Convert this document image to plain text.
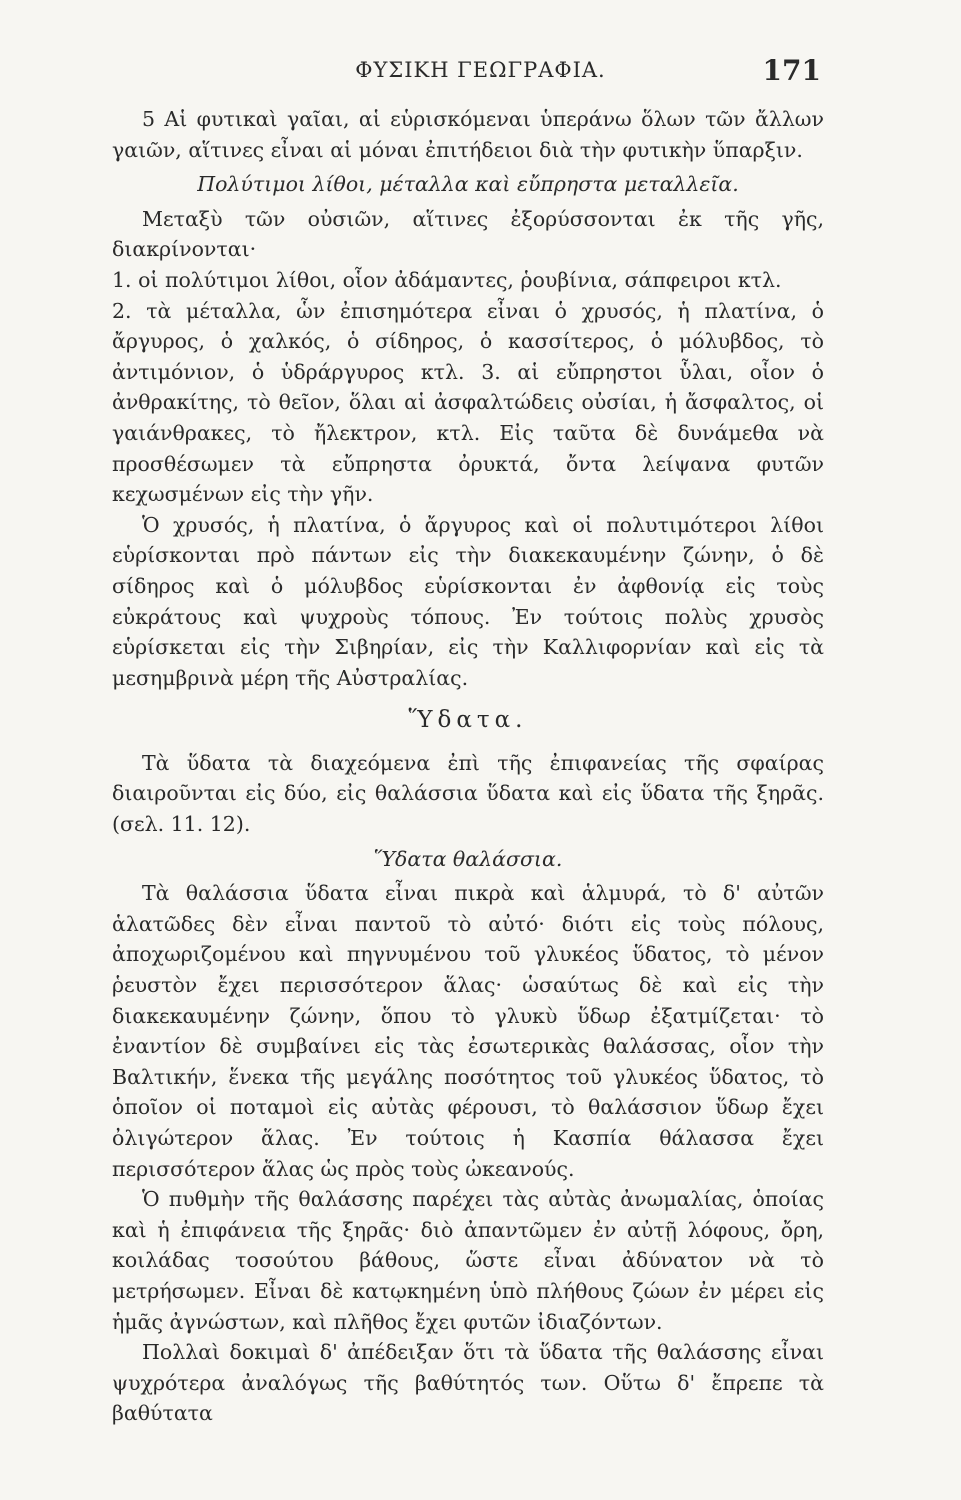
ΦΥΣΙΚΗ ΓΕΩΓΡΑΦΙΑ.	171

5 Αἱ φυτικαὶ γαῖαι, αἱ εὑρισκόμεναι ὑπεράνω ὅλων τῶν ἄλλων γαιῶν, αἵτινες εἶναι αἱ μόναι ἐπιτήδειοι διὰ τὴν φυτικὴν ὕπαρξιν.

Πολύτιμοι λίθοι, μέταλλα καὶ εὔπρηστα μεταλλεῖα.

Μεταξὺ τῶν οὐσιῶν, αἵτινες ἐξορύσσονται ἐκ τῆς γῆς, διακρίνονται·

1. οἱ πολύτιμοι λίθοι, οἷον ἀδάμαντες, ῥουβίνια, σάπφειροι κτλ.

2. τὰ μέταλλα, ὧν ἐπισημότερα εἶναι ὁ χρυσός, ἡ πλατίνα, ὁ ἄργυρος, ὁ χαλκός, ὁ σίδηρος, ὁ κασσίτερος, ὁ μόλυβδος, τὸ ἀντιμόνιον, ὁ ὑδράργυρος κτλ. 3. αἱ εὔπρηστοι ὗλαι, οἷον ὁ ἀνθρακίτης, τὸ θεῖον, ὅλαι αἱ ἀσφαλτώδεις οὐσίαι, ἡ ἄσφαλτος, οἱ γαιάνθρακες, τὸ ἤλεκτρον, κτλ. Εἰς ταῦτα δὲ δυνάμεθα νὰ προσθέσωμεν τὰ εὔπρηστα ὀρυκτά, ὄντα λείψανα φυτῶν κεχωσμένων εἰς τὴν γῆν.

Ὁ χρυσός, ἡ πλατίνα, ὁ ἄργυρος καὶ οἱ πολυτιμότεροι λίθοι εὑρίσκονται πρὸ πάντων εἰς τὴν διακεκαυμένην ζώνην, ὁ δὲ σίδηρος καὶ ὁ μόλυβδος εὑρίσκονται ἐν ἀφθονίᾳ εἰς τοὺς εὐκράτους καὶ ψυχροὺς τόπους. Ἐν τούτοις πολὺς χρυσὸς εὑρίσκεται εἰς τὴν Σιβηρίαν, εἰς τὴν Καλλιφορνίαν καὶ εἰς τὰ μεσημβρινὰ μέρη τῆς Αὐστραλίας.

Ὕδατα.

Τὰ ὕδατα τὰ διαχεόμενα ἐπὶ τῆς ἐπιφανείας τῆς σφαίρας διαιροῦνται εἰς δύο, εἰς θαλάσσια ὕδατα καὶ εἰς ὕδατα τῆς ξηρᾶς. (σελ. 11. 12).

Ὕδατα θαλάσσια.

Τὰ θαλάσσια ὕδατα εἶναι πικρὰ καὶ ἁλμυρά, τὸ δ' αὐτῶν ἁλατῶδες δὲν εἶναι παντοῦ τὸ αὐτό· διότι εἰς τοὺς πόλους, ἀποχωριζομένου καὶ πηγνυμένου τοῦ γλυκέος ὕδατος, τὸ μένον ῥευστὸν ἔχει περισσότερον ἅλας· ὡσαύτως δὲ καὶ εἰς τὴν διακεκαυμένην ζώνην, ὅπου τὸ γλυκὺ ὕδωρ ἐξατμίζεται· τὸ ἐναντίον δὲ συμβαίνει εἰς τὰς ἐσωτερικὰς θαλάσσας, οἷον τὴν Βαλτικήν, ἕνεκα τῆς μεγάλης ποσότητος τοῦ γλυκέος ὕδατος, τὸ ὁποῖον οἱ ποταμοὶ εἰς αὐτὰς φέρουσι, τὸ θαλάσσιον ὕδωρ ἔχει ὀλιγώτερον ἅλας. Ἐν τούτοις ἡ Κασπία θάλασσα ἔχει περισσότερον ἅλας ὡς πρὸς τοὺς ὠκεανούς.

Ὁ πυθμὴν τῆς θαλάσσης παρέχει τὰς αὐτὰς ἀνωμαλίας, ὁποίας καὶ ἡ ἐπιφάνεια τῆς ξηρᾶς· διὸ ἀπαντῶμεν ἐν αὐτῇ λόφους, ὄρη, κοιλάδας τοσούτου βάθους, ὥστε εἶναι ἀδύνατον νὰ τὸ μετρήσωμεν. Εἶναι δὲ κατῳκημένη ὑπὸ πλήθους ζώων ἐν μέρει εἰς ἡμᾶς ἀγνώστων, καὶ πλῆθος ἔχει φυτῶν ἰδιαζόντων.

Πολλαὶ δοκιμαὶ δ' ἀπέδειξαν ὅτι τὰ ὕδατα τῆς θαλάσσης εἶναι ψυχρότερα ἀναλόγως τῆς βαθύτητός των. Οὕτω δ' ἔπρεπε τὰ βαθύτατα
